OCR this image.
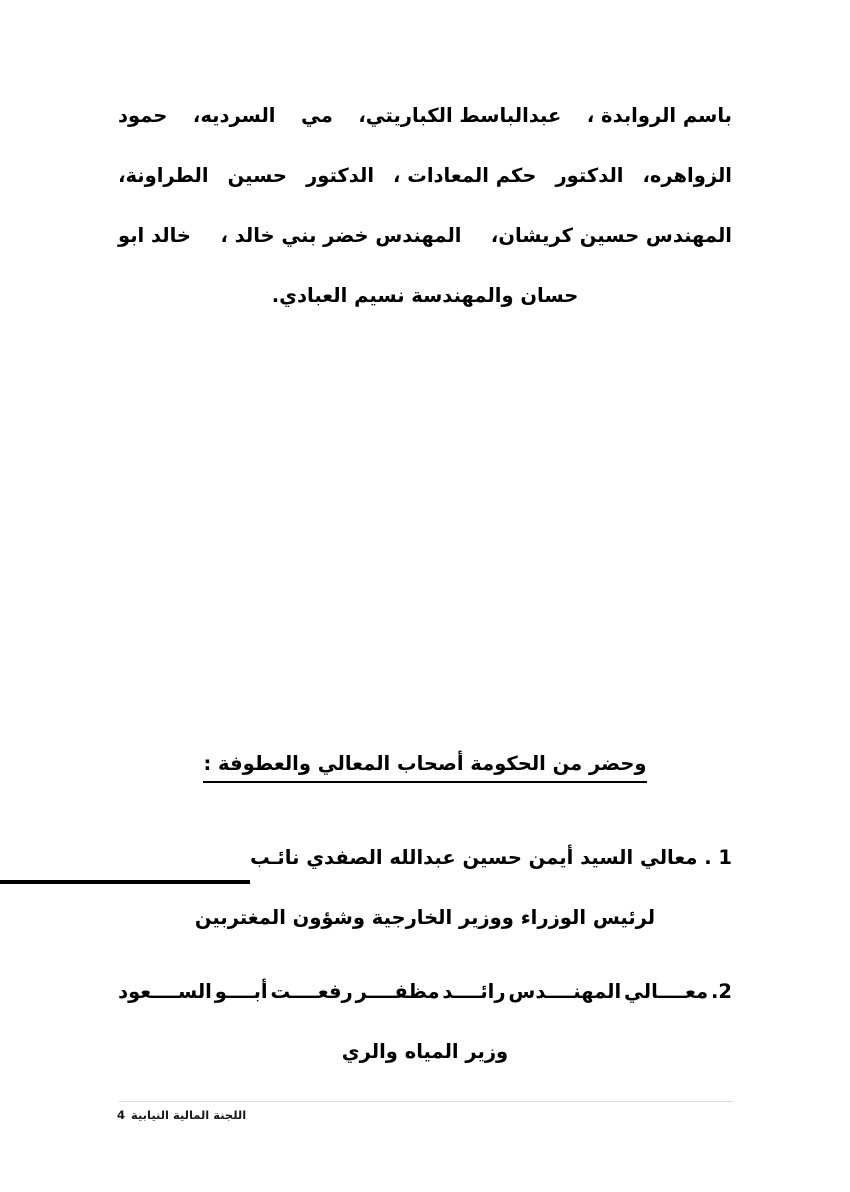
باسم الروابدة ،
عبدالباسط الكباريتي،
مي
السرديه،
حمود
الزواهره،
الدكتور
حكم المعادات ،
الدكتور
حسين
الطراونة،
المهندس حسين كريشان،
المهندس خضر بني خالد ،
خالد ابو
حسان والمهندسة نسيم العبادي.
وحضر من الحكومة أصحاب المعالي والعطوفة :
1 .

معالي السيد أيمن حسين عبدالله الصفدي نائـب
لرئيس الوزراء ووزير الخارجية وشؤون المغتربين
2.
معــــالي
المهنــــدس
رائــــد
مظفــــر
رفعــــت
أبــــو
الســــعود
وزير المياه والري
اللجنة المالية النيابية4
